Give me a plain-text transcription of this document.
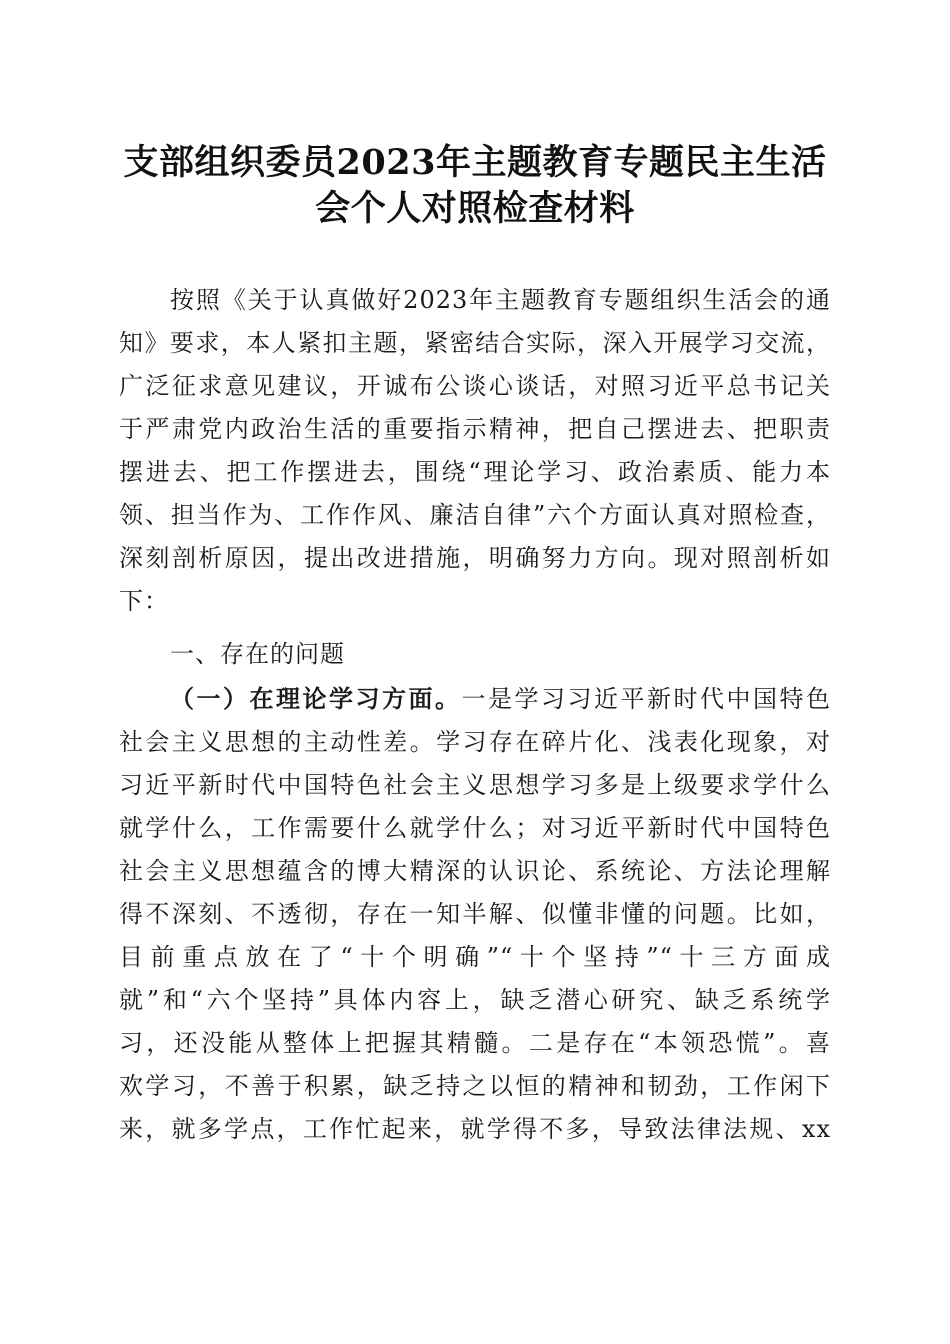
支部组织委员2023年主题教育专题民主生活
会个人对照检查材料
按照《关于认真做好2023年主题教育专题组织生活会的通
知》要求，本人紧扣主题，紧密结合实际，深入开展学习交流，
广泛征求意见建议，开诚布公谈心谈话，对照习近平总书记关
于严肃党内政治生活的重要指示精神，把自己摆进去、把职责
摆进去、把工作摆进去，围绕“理论学习、政治素质、能力本
领、担当作为、工作作风、廉洁自律”六个方面认真对照检查，
深刻剖析原因，提出改进措施，明确努力方向。现对照剖析如
下：
一、存在的问题
（一）在理论学习方面。一是学习习近平新时代中国特色
社会主义思想的主动性差。学习存在碎片化、浅表化现象，对
习近平新时代中国特色社会主义思想学习多是上级要求学什么
就学什么，工作需要什么就学什么；对习近平新时代中国特色
社会主义思想蕴含的博大精深的认识论、系统论、方法论理解
得不深刻、不透彻，存在一知半解、似懂非懂的问题。比如，
目前重点放在了“十个明确”“十个坚持”“十三方面成
就”和“六个坚持”具体内容上，缺乏潜心研究、缺乏系统学
习，还没能从整体上把握其精髓。二是存在“本领恐慌”。喜
欢学习，不善于积累，缺乏持之以恒的精神和韧劲，工作闲下
来，就多学点，工作忙起来，就学得不多，导致法律法规、xx
